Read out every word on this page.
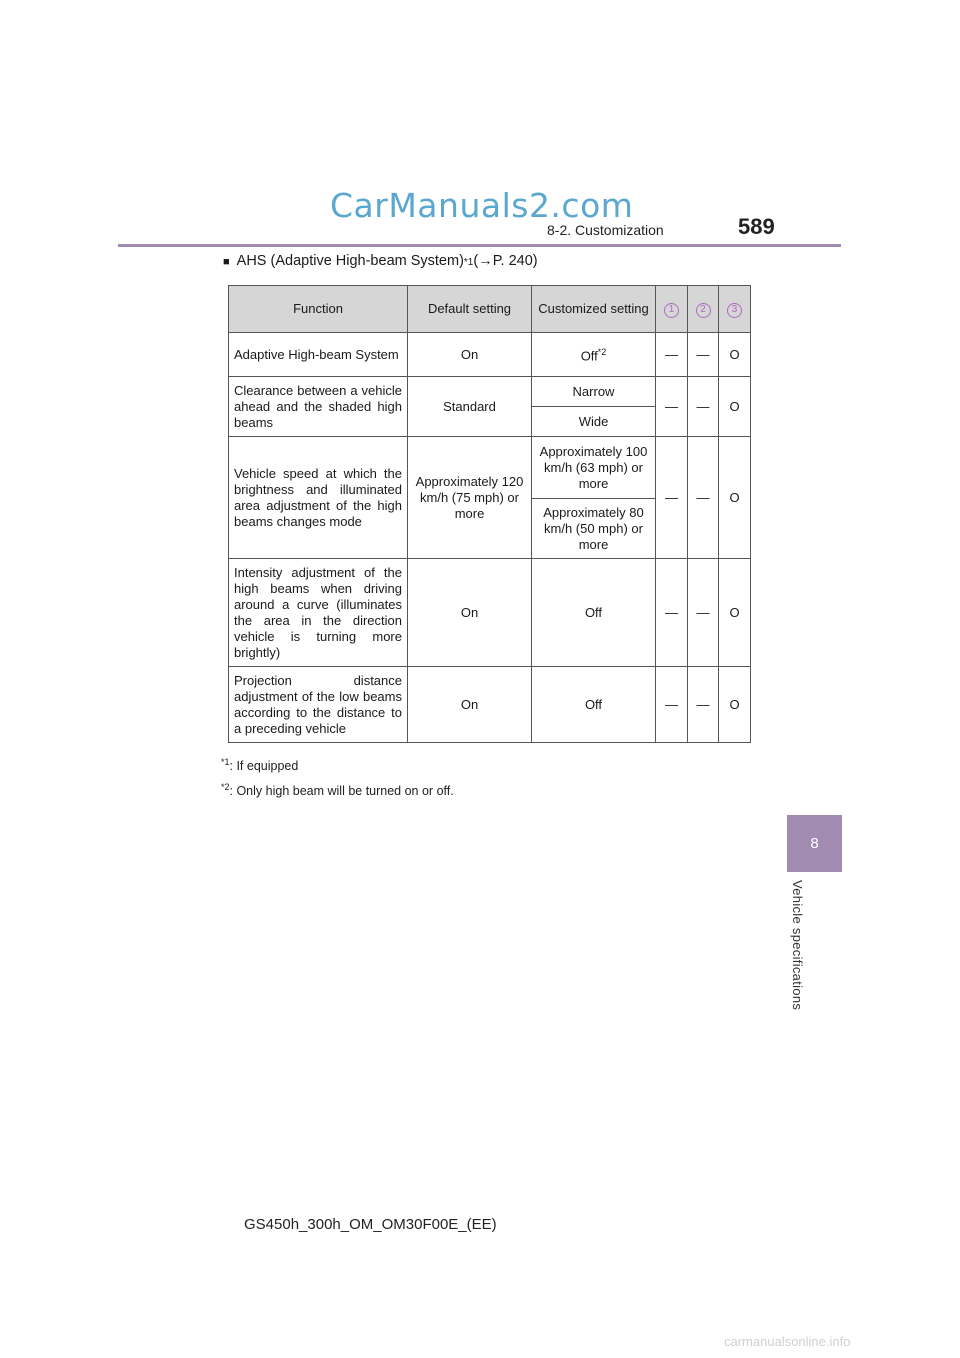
CarManuals2.com
8-2. Customization	589
8
Vehicle specifications
■ AHS (Adaptive High-beam System) *1 ( → P. 240)
Function	Default setting	Customized setting	1	2	3
Adaptive High-beam System	On	Off$^{*2}$	—	—	O
Clearance between a vehicle ahead and the shaded high beams	Standard	Narrow	—	—	O
		Wide			
Vehicle speed at which the brightness and illuminated area adjustment of the high beams changes mode	Approximately 120 km/h (75 mph) or more	Approximately 100 km/h (63 mph) or more	—	—	O
		Approximately 80 km/h (50 mph) or more			
Intensity adjustment of the high beams when driving around a curve (illuminates the area in the direction vehicle is turning more brightly)	On	Off	—	—	O
Projection distance adjustment of the low beams according to the distance to a preceding vehicle	On	Off	—	—	O
$^{*1}$: If equipped
$^{*2}$: Only high beam will be turned on or off.
GS450h_300h_OM_OM30F00E_(EE)
carmanualsonline.info
